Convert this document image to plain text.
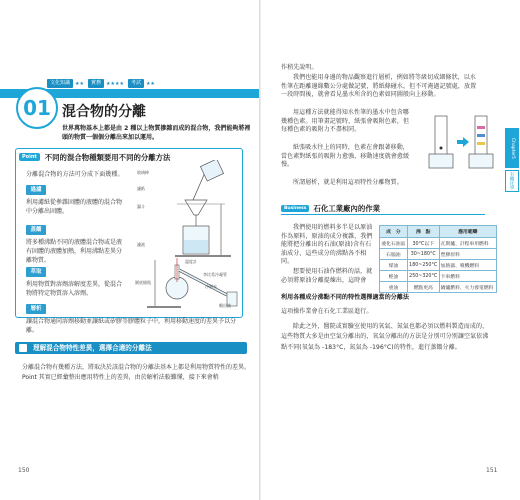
文化知識	★★	實務	★★★★	考試	★★
01 混合物的分離
世界萬物基本上都是由 2 種以上物質摻雜而成的混合物，我們能夠將裡頭的物質一個個分離出來加以運用。
Point	不同的混合物種類要用不同的分離方法
分離混合物的方法可分成下面幾種。
過濾
利用濾紙從參雜固體的液體的混合物中分離出固體。
蒸餾
將多種沸點不同的液體混合物或是液有固體的液體加熱，利用沸點差異分離物質。
萃取
利用物質對溶劑溶解度差異，從混合物將特定物質溶入溶劑。
層析
讓混合物通同溶劑移動並讓紙或矽膠等膠體粒子中，利用移動速度的差異予以分離。
玻璃棒
濾紙
漏斗
濾液
溫度計
李比希冷凝管
圓底燒瓶
冷卻水
餾出液
理解混合物特性差異，選擇合適的分離法
分離混合物有幾種方法，將取決於該混合物的分離法基本上都是利用物質特性的差異。Point 其實已經彙整出應用特性上的差異，由於解析法較難懂，接下來會稍
150
作稍先說明。
我們也能用身邊的物品觀察進行層析，例如將等級切成細條狀，以水性筆在距離邊緣數公分處做記號，將紙條碰水，但不可淹過記號處，放置一段時間後，就會看見墨水所含的色素如同圖般向上移動。
用這種方法就能得知水性筆的墨水中包含哪幾種色素。用筆畫記號時，紙張會吸附色素，但每種色素的吸附力不盡相同。
紙張吸水往上的同時，色素在會跟著移動，當色素對紙張的吸附力愈強，移動速度就會愈緩慢。
所謂層析，就是利用這項特性分離物質。
Chapter5
有機化學
Business 石化工業廠內的作業
我們使用的燃料多半是以原油作為原料，原油的成分複雜，我們能將把分離出的石油(原油)含有石油成分，這些成分的沸點各不相同。
想要使用石油作燃料的話，就必須將原油分離提煉出，這時會
成　分	沸　點	應用範疇
液化石油氣	30°C以下	瓦斯爐、計程車用燃料
石腦油	30~180°C	塑膠原料
煤油	180~250°C	加熱器、噴機燃料
輕油	250~320°C	卡車燃料
重油	燃點更高	鍋爐燃料、火力發電燃料
利用各種成分沸點不同的特性選擇適當的分離法
這項操作業會在石化工業區進行。
除此之外，醫院或實驗室使用的氧氣、氮氣也都必須以燃料製造而成的，這些物質大多是由空氣分離出的，氧氣分離出的方法是分別可分別讓空氣依沸點不同(氧氣為 -183°C，氮氣為 -196°C)的特性，進行蒸餾分離。
151
